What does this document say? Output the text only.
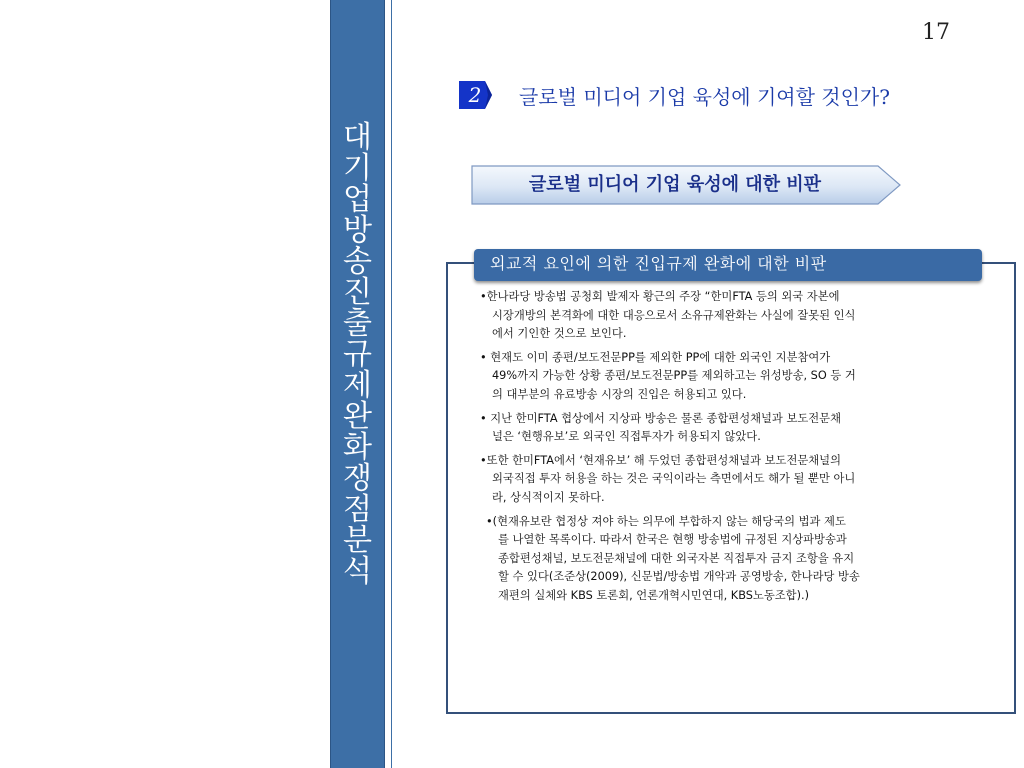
대기업 방송진출 규제 완화 쟁점 분석
17
2	글로벌 미디어 기업 육성에 기여할 것인가?
글로벌 미디어 기업 육성에 대한 비판
외교적 요인에 의한 진입규제 완화에 대한 비판
•한나라당 방송법 공청회 발제자 황근의 주장 “한미FTA 등의 외국 자본에
시장개방의 본격화에 대한 대응으로서 소유규제완화는 사실에 잘못된 인식
에서 기인한 것으로 보인다.
• 현재도 이미 종편/보도전문PP를 제외한 PP에 대한 외국인 지분참여가
49%까지 가능한 상황 종편/보도전문PP를 제외하고는 위성방송, SO 등 거
의 대부분의 유료방송 시장의 진입은 허용되고 있다.
• 지난 한미FTA 협상에서 지상파 방송은 물론 종합편성채널과 보도전문채
널은 ‘현행유보’로 외국인 직접투자가 허용되지 않았다.
•또한 한미FTA에서 ‘현재유보’ 해 두었던 종합편성채널과 보도전문채널의
외국직접 투자 허용을 하는 것은 국익이라는 측면에서도 해가 될 뿐만 아니
라, 상식적이지 못하다.
•(현재유보란 협정상 져야 하는 의무에 부합하지 않는 해당국의 법과 제도
를 나열한 목록이다. 따라서 한국은 현행 방송법에 규정된 지상파방송과
종합편성채널, 보도전문채널에 대한 외국자본 직접투자 금지 조항을 유지
할 수 있다(조준상(2009), 신문법/방송법 개악과 공영방송, 한나라당 방송
재편의 실체와 KBS 토론회, 언론개혁시민연대, KBS노동조합).)
